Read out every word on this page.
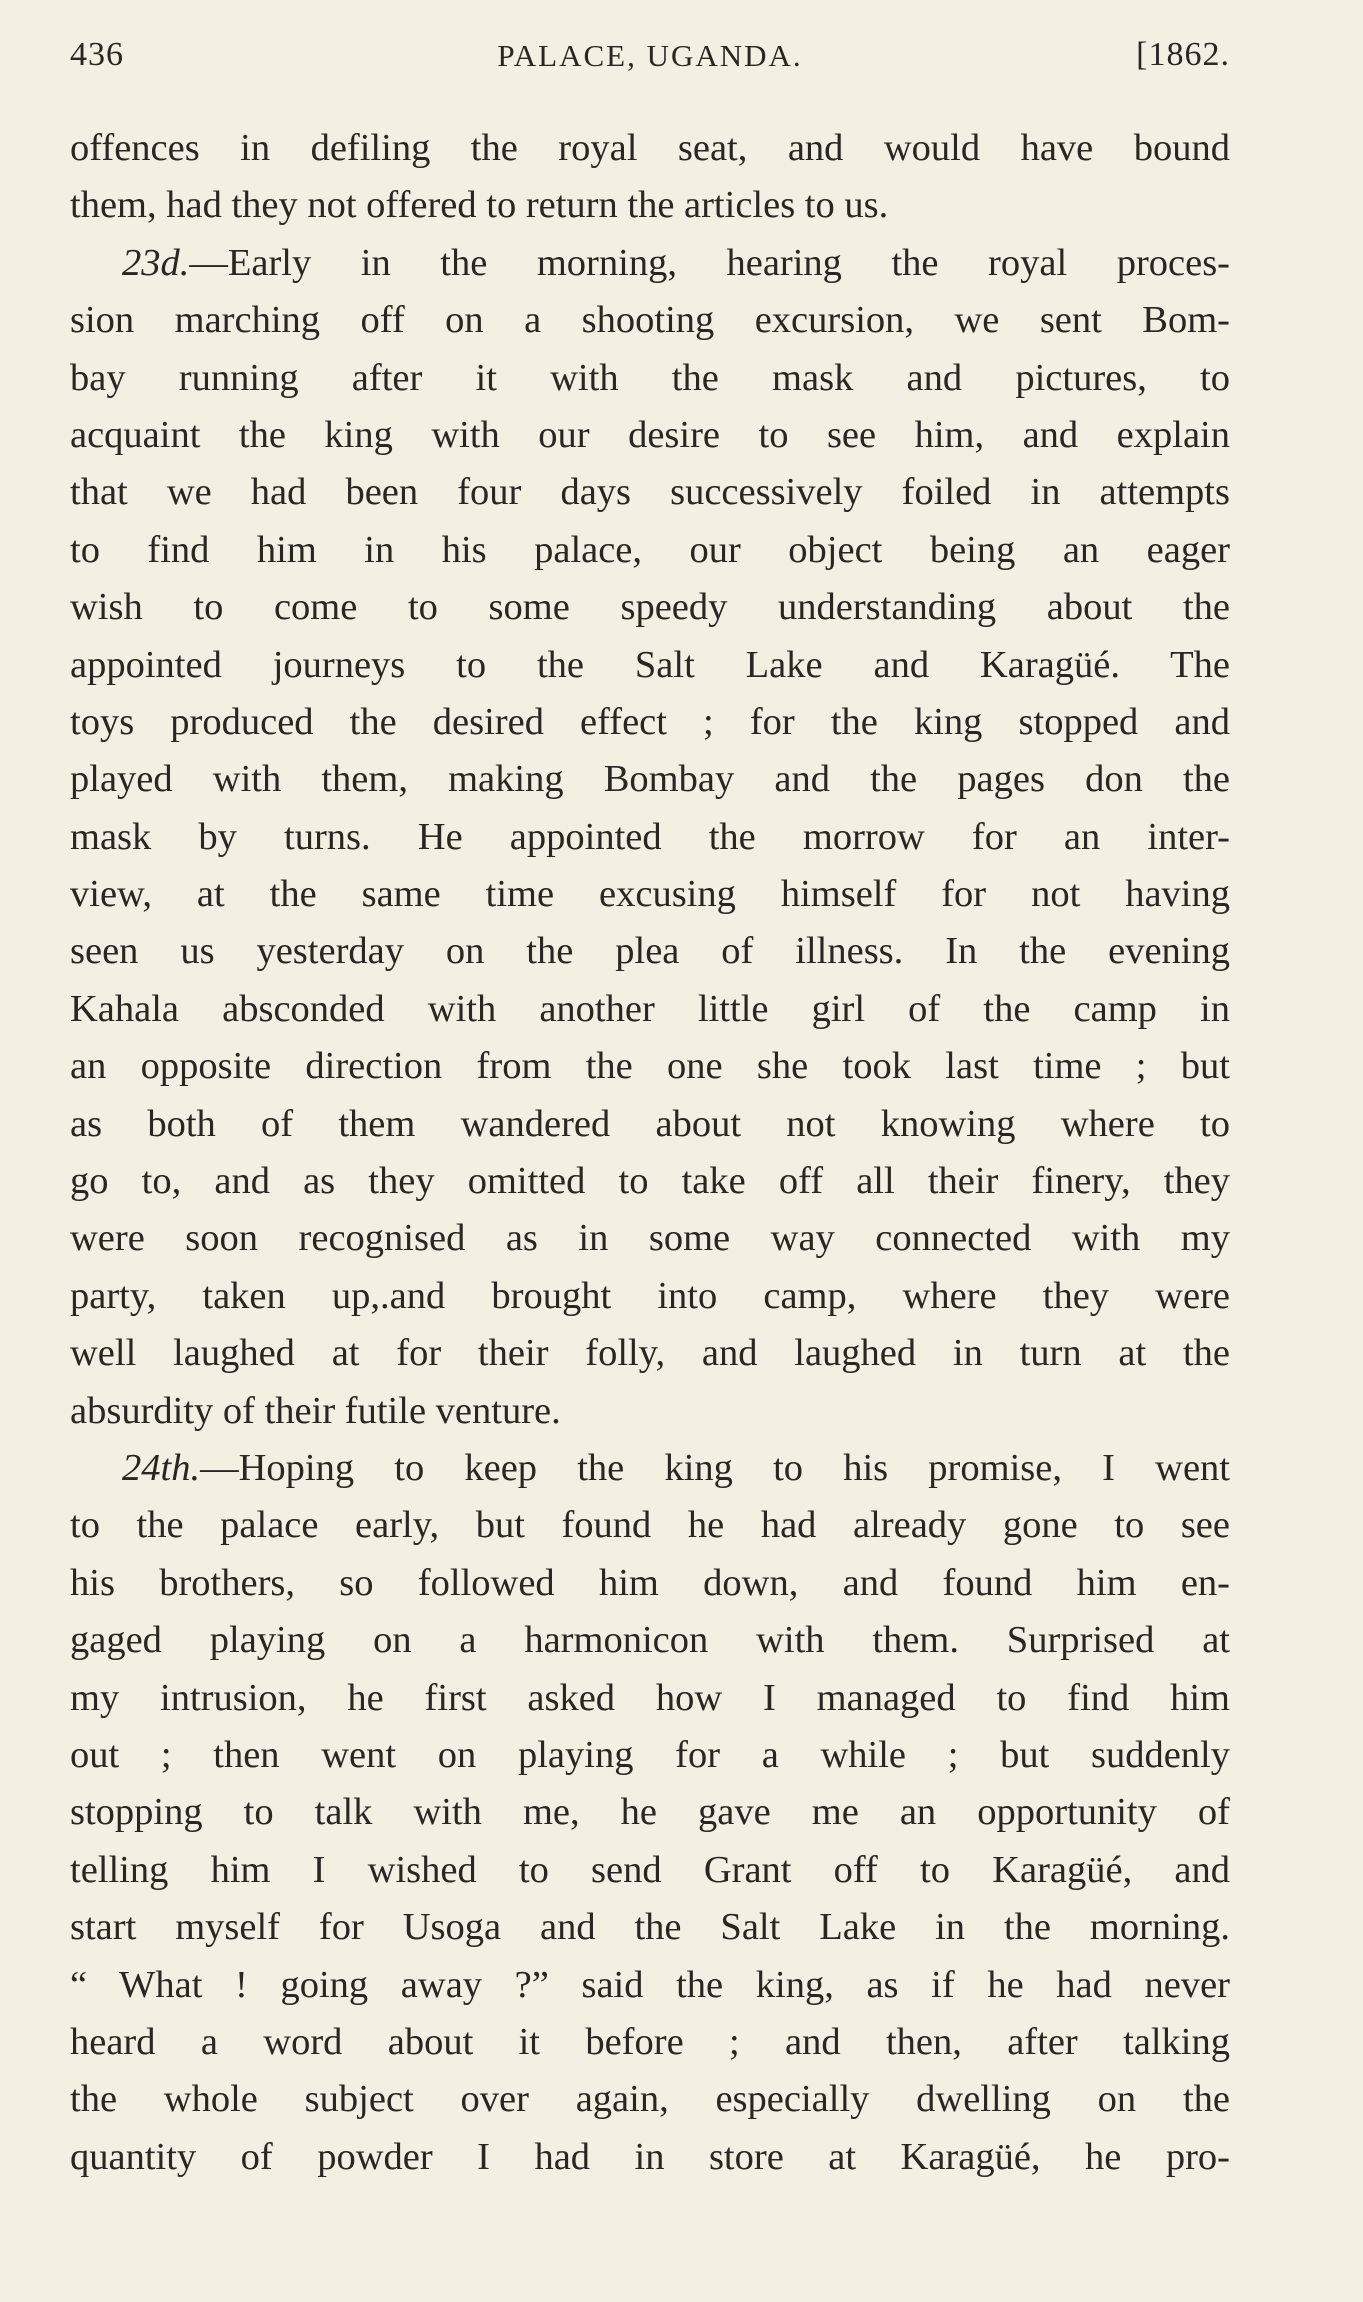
436	PALACE, UGANDA.	[1862.
offences in defiling the royal seat, and would have bound
them, had they not offered to return the articles to us.
23d.—Early in the morning, hearing the royal proces-
sion marching off on a shooting excursion, we sent Bom-
bay running after it with the mask and pictures, to
acquaint the king with our desire to see him, and explain
that we had been four days successively foiled in attempts
to find him in his palace, our object being an eager
wish to come to some speedy understanding about the
appointed journeys to the Salt Lake and Karagüé. The
toys produced the desired effect ; for the king stopped and
played with them, making Bombay and the pages don the
mask by turns. He appointed the morrow for an inter-
view, at the same time excusing himself for not having
seen us yesterday on the plea of illness. In the evening
Kahala absconded with another little girl of the camp in
an opposite direction from the one she took last time ; but
as both of them wandered about not knowing where to
go to, and as they omitted to take off all their finery, they
were soon recognised as in some way connected with my
party, taken up,.and brought into camp, where they were
well laughed at for their folly, and laughed in turn at the
absurdity of their futile venture.
24th.—Hoping to keep the king to his promise, I went
to the palace early, but found he had already gone to see
his brothers, so followed him down, and found him en-
gaged playing on a harmonicon with them. Surprised at
my intrusion, he first asked how I managed to find him
out ; then went on playing for a while ; but suddenly
stopping to talk with me, he gave me an opportunity of
telling him I wished to send Grant off to Karagüé, and
start myself for Usoga and the Salt Lake in the morning.
“ What ! going away ?” said the king, as if he had never
heard a word about it before ; and then, after talking
the whole subject over again, especially dwelling on the
quantity of powder I had in store at Karagüé, he pro-
